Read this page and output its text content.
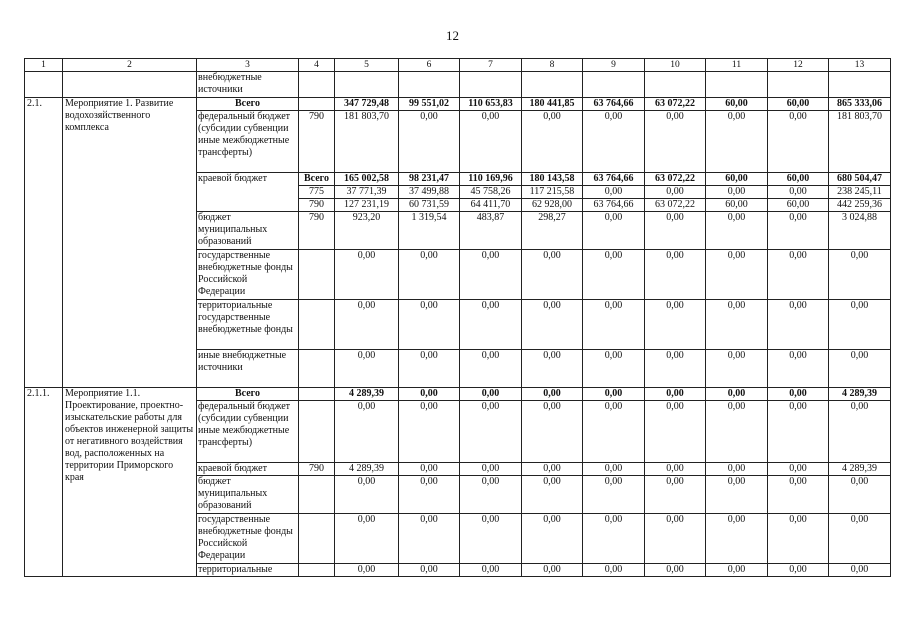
12
1	2	3	4	5	6	7	8	9	10	11	12	13
		внебюджетные источники										
2.1.	Мероприятие 1. Развитие водохозяйственного комплекса	Всего		347 729,48	99 551,02	110 653,83	180 441,85	63 764,66	63 072,22	60,00	60,00	865 333,06
		федеральный бюджет (субсидии субвенции иные межбюджетные трансферты)	790	181 803,70	0,00	0,00	0,00	0,00	0,00	0,00	0,00	181 803,70
		краевой бюджет	Всего	165 002,58	98 231,47	110 169,96	180 143,58	63 764,66	63 072,22	60,00	60,00	680 504,47
			775	37 771,39	37 499,88	45 758,26	117 215,58	0,00	0,00	0,00	0,00	238 245,11
			790	127 231,19	60 731,59	64 411,70	62 928,00	63 764,66	63 072,22	60,00	60,00	442 259,36
		бюджет муниципальных образований	790	923,20	1 319,54	483,87	298,27	0,00	0,00	0,00	0,00	3 024,88
		государственные внебюджетные фонды Российской Федерации		0,00	0,00	0,00	0,00	0,00	0,00	0,00	0,00	0,00
		территориальные государственные внебюджетные фонды		0,00	0,00	0,00	0,00	0,00	0,00	0,00	0,00	0,00
		иные внебюджетные источники		0,00	0,00	0,00	0,00	0,00	0,00	0,00	0,00	0,00
2.1.1.	Мероприятие 1.1. Проектирование, проектно-изыскательские работы для объектов инженерной защиты от негативного воздействия вод, расположенных на территории Приморского края	Всего		4 289,39	0,00	0,00	0,00	0,00	0,00	0,00	0,00	4 289,39
		федеральный бюджет (субсидии субвенции иные межбюджетные трансферты)		0,00	0,00	0,00	0,00	0,00	0,00	0,00	0,00	0,00
		краевой бюджет	790	4 289,39	0,00	0,00	0,00	0,00	0,00	0,00	0,00	4 289,39
		бюджет муниципальных образований		0,00	0,00	0,00	0,00	0,00	0,00	0,00	0,00	0,00
		государственные внебюджетные фонды Российской Федерации		0,00	0,00	0,00	0,00	0,00	0,00	0,00	0,00	0,00
		территориальные		0,00	0,00	0,00	0,00	0,00	0,00	0,00	0,00	0,00
